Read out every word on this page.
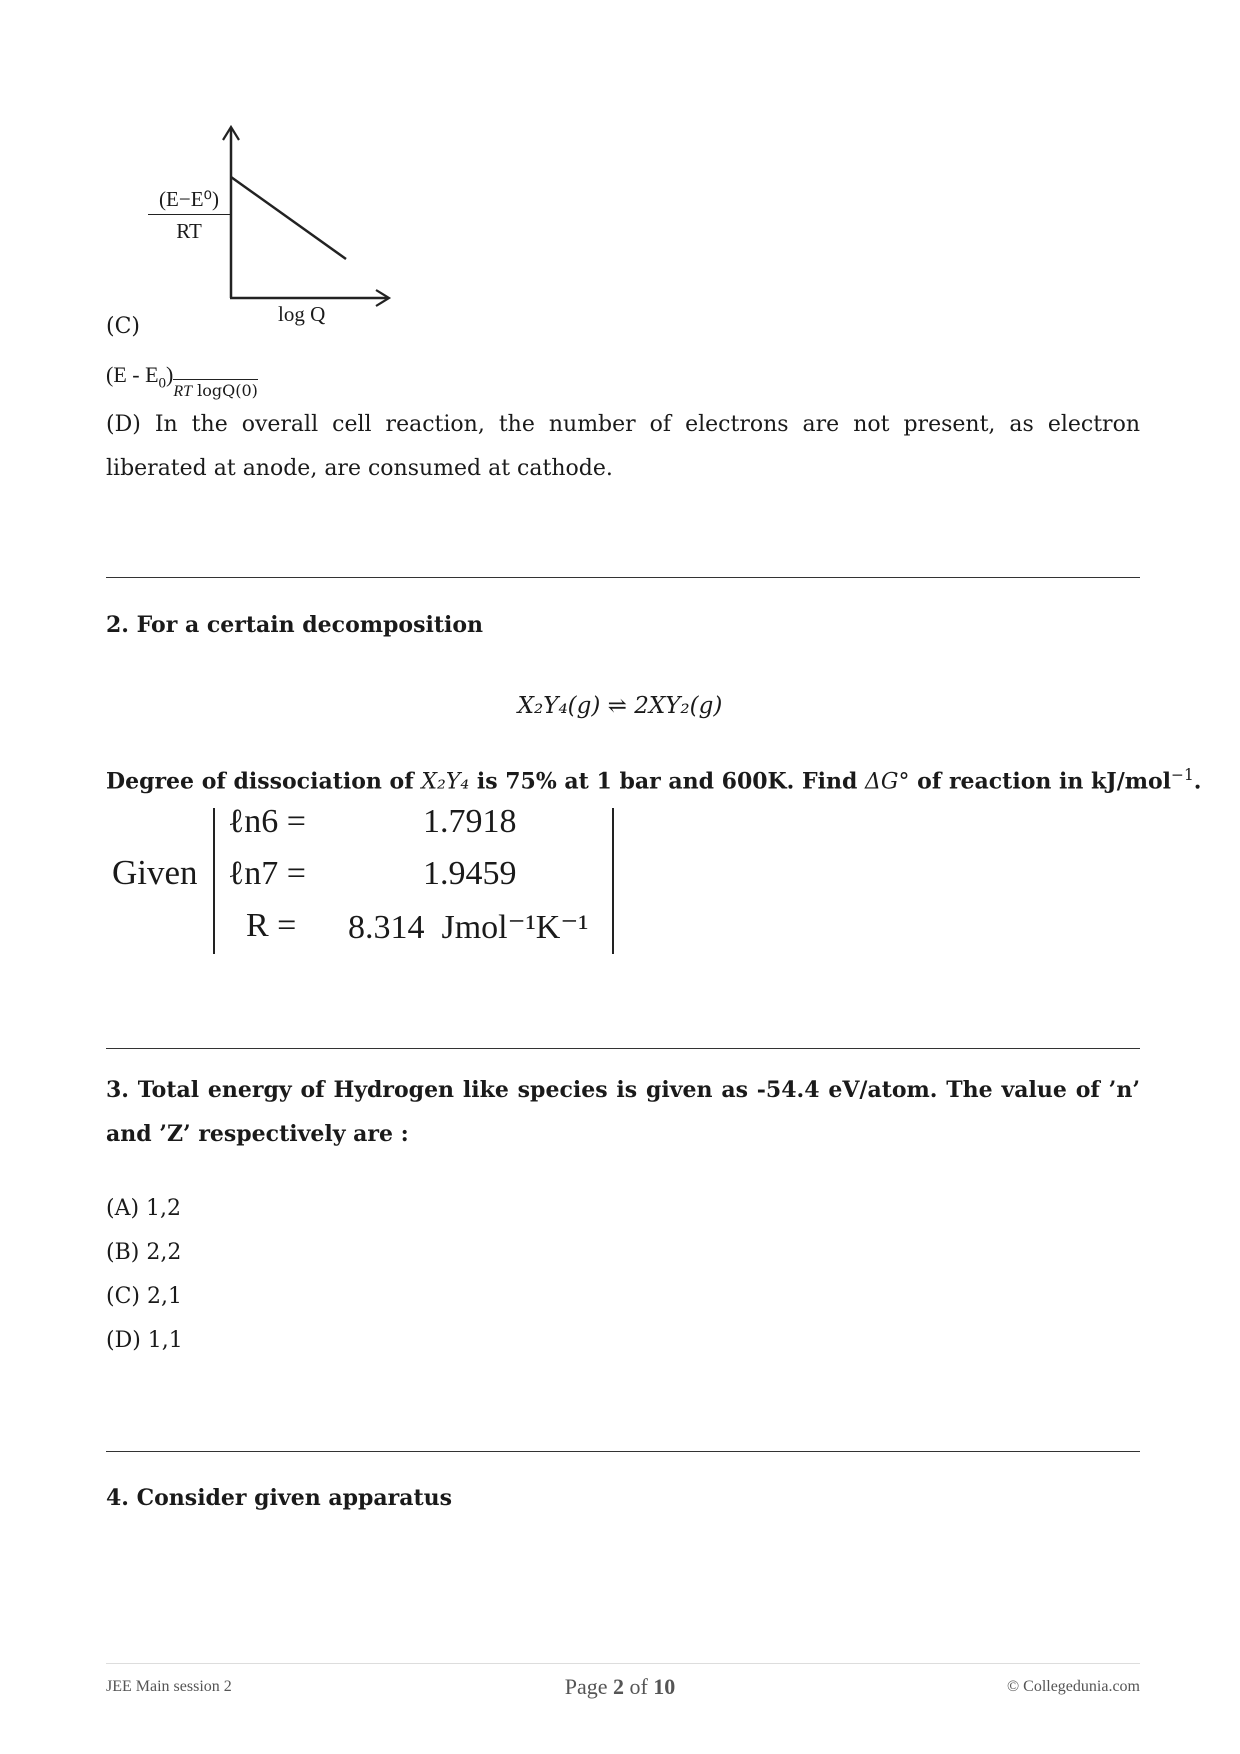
$\frac{\text{(E−E⁰)}}{RT}$
log Q
(C)
$(E - E_0)RT$ logQ(0)
(D) In the overall cell reaction, the number of electrons are not present, as electron liberated at anode, are consumed at cathode.
2. For a certain decomposition
X₂Y₄(g) ⇌ 2XY₂(g)
Degree of dissociation of X₂Y₄ is 75% at 1 bar and 600K. Find ΔG° of reaction in kJ/mol$^{-1}$.
Given
ℓn6 =	1.7918
ℓn7 =	1.9459
R = 8.314  Jmol⁻¹K⁻¹
3. Total energy of Hydrogen like species is given as -54.4 eV/atom. The value of ’n’ and ’Z’ respectively are :
(A) 1,2
(B) 2,2
(C) 2,1
(D) 1,1
4. Consider given apparatus
JEE Main session 2	Page 2 of 10	© Collegedunia.com
